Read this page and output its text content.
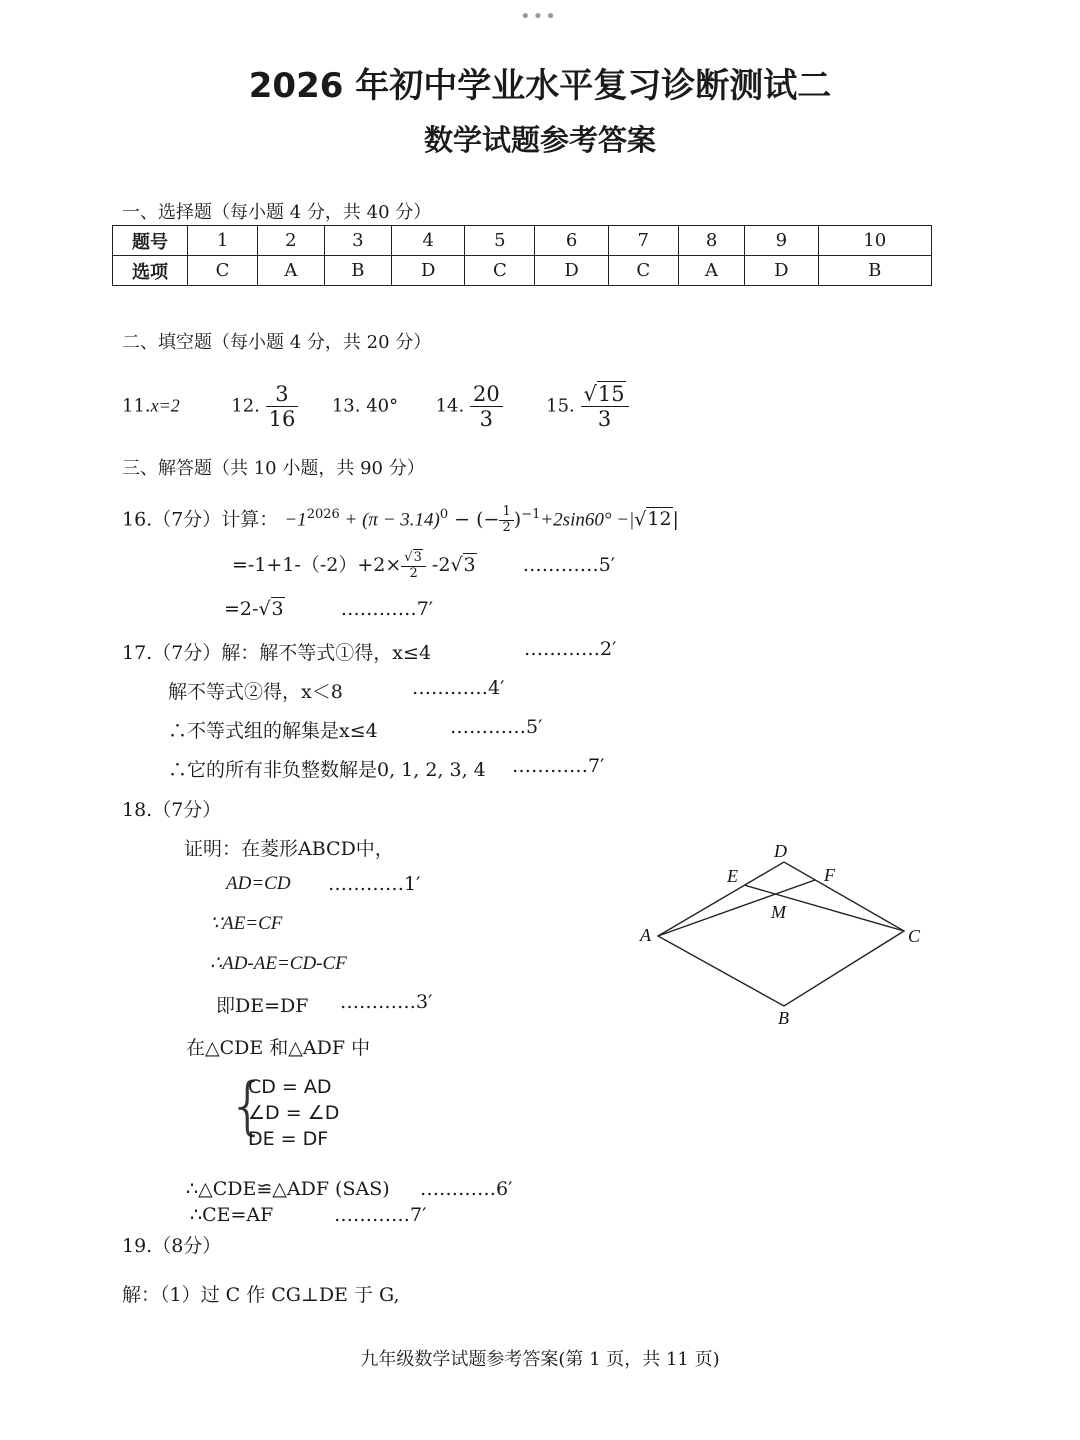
•••
2026 年初中学业水平复习诊断测试二
数学试题参考答案
一、选择题（每小题 4 分，共 40 分）
题号	1	2	3	4	5	6	7	8	9	10
选项	C	A	B	D	C	D	C	A	D	B
二、填空题（每小题 4 分，共 20 分）
11.x=2	12. $\frac{3}{16} 13$. 40° 14. $\frac{20}{3} 15$. $\frac{√15}{3}$
三、解答题（共 10 小题，共 90 分）
16.（7分）计算： $-1^{2026} + (\pi - 3.14)^0$ − (− $\frac{1}{2} )^{-1}+2\sin 60^\circ -|√12|$
$=-1+1-(-2)+2\times \frac{√3}{2} -2√3$ …………5′
=2-√3	…………7′
17.（7分）解：解不等式①得，x≤4	…………2′
解不等式②得，x＜8	…………4′
∴不等式组的解集是x≤4	…………5′
∴它的所有非负整数解是0, 1, 2, 3, 4 …………7′
18.（7分）
证明：在菱形ABCD中，
AD=CD …………1′
∵AE=CF
∴AD-AE=CD-CF
即DE=DF …………3′
在△CDE 和△ADF 中
{
CD = AD
∠D = ∠D
DE = DF
∴△CDE≌△ADF (SAS) …………6′
∴CE=AF	…………7′
D
E	F
M
A	C
B
19.（8分）
解：（1）过 C 作 CG⊥DE 于 G,
九年级数学试题参考答案(第 1 页，共 11 页)
